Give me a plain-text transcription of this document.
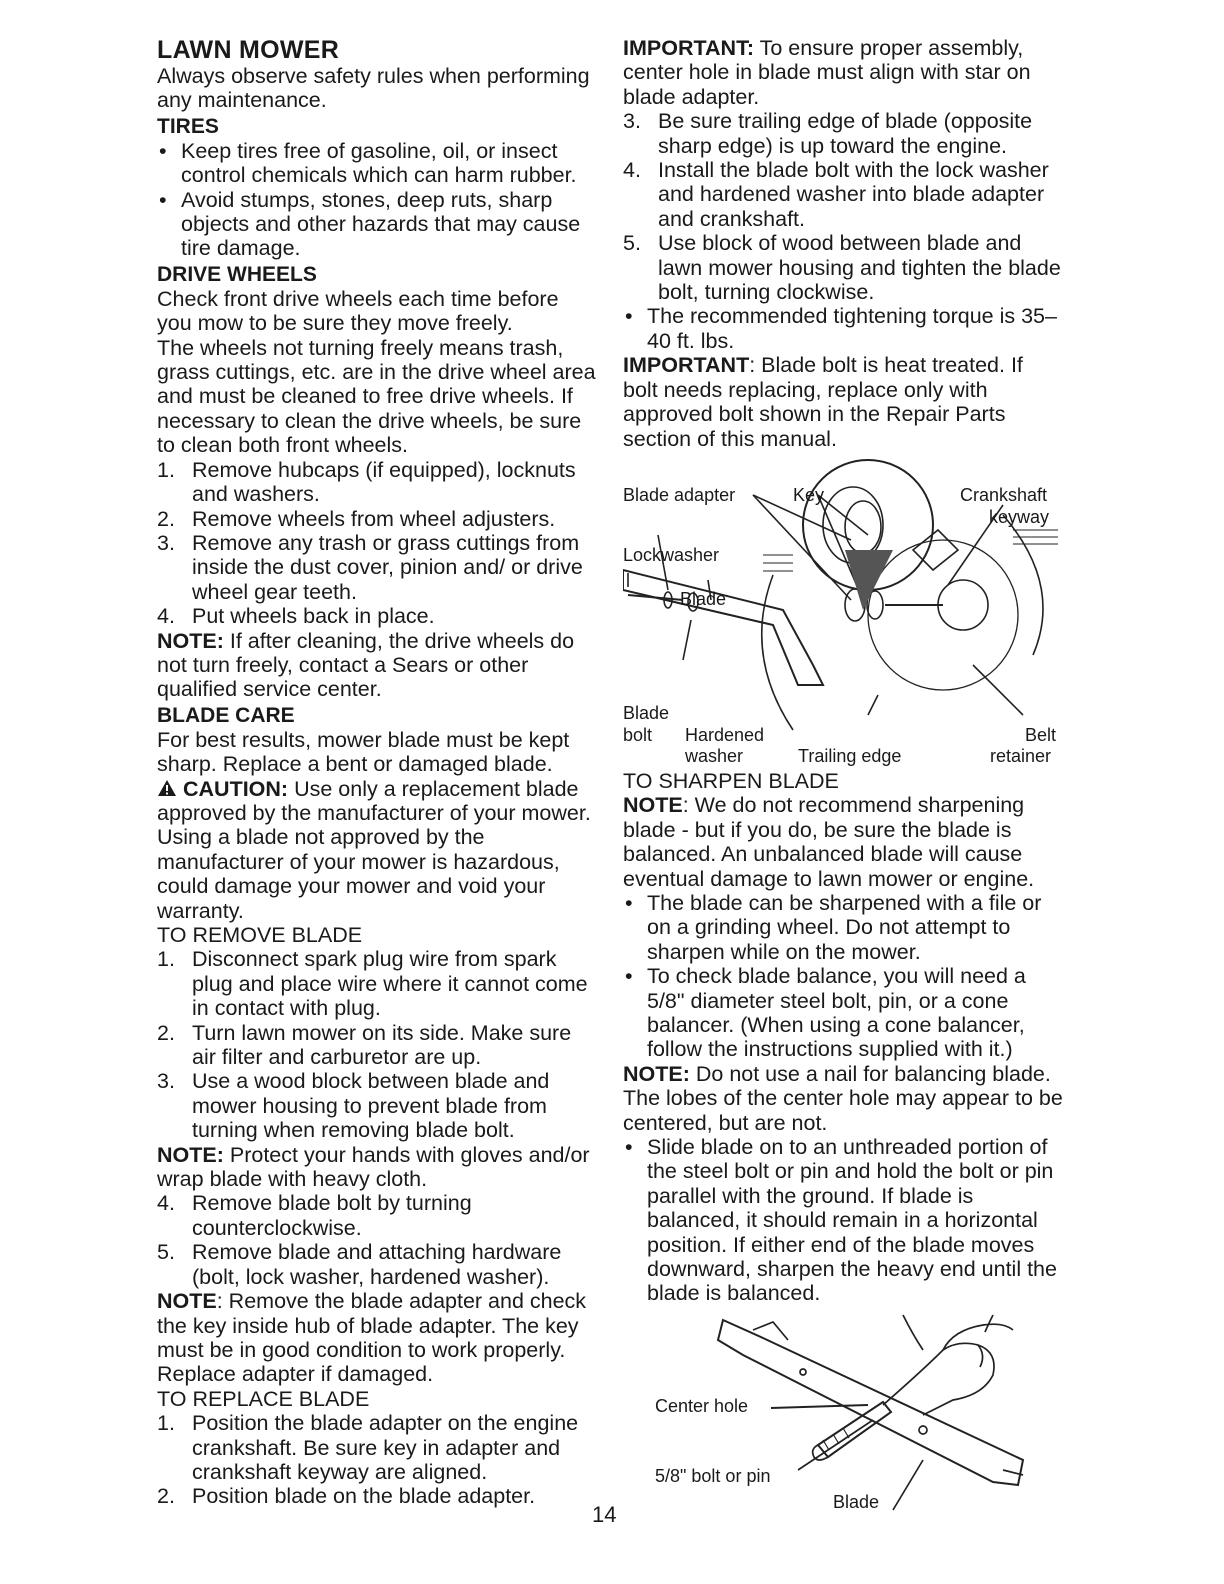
LAWN MOWER

Always observe safety rules when performing any maintenance.

TIRES
• Keep tires free of gasoline, oil, or insect control chemicals which can harm rubber.
• Avoid stumps, stones, deep ruts, sharp objects and other hazards that may cause tire damage.
DRIVE WHEELS

Check front drive wheels each time before you mow to be sure they move freely.

The wheels not turning freely means trash, grass cuttings, etc. are in the drive wheel area and must be cleaned to free drive wheels. If necessary to clean the drive wheels, be sure to clean both front wheels.

1. Remove hubcaps (if equipped), locknuts and washers.
2. Remove wheels from wheel adjusters.
3. Remove any trash or grass cuttings from inside the dust cover, pinion and/ or drive wheel gear teeth.
4. Put wheels back in place.

NOTE: If after cleaning, the drive wheels do not turn freely, contact a Sears or other qualified service center.

BLADE CARE

For best results, mower blade must be kept sharp. Replace a bent or damaged blade.

CAUTION: Use only a replacement blade approved by the manufacturer of your mower. Using a blade not approved by the manufacturer of your mower is hazardous, could damage your mower and void your warranty.

TO REMOVE BLADE
1. Disconnect spark plug wire from spark plug and place wire where it cannot come in contact with plug.
2. Turn lawn mower on its side. Make sure air filter and carburetor are up.
3. Use a wood block between blade and mower housing to prevent blade from turning when removing blade bolt.

NOTE: Protect your hands with gloves and/or wrap blade with heavy cloth.

4. Remove blade bolt by turning counterclockwise.
5. Remove blade and attaching hardware (bolt, lock washer, hardened washer).

NOTE: Remove the blade adapter and check the key inside hub of blade adapter. The key must be in good condition to work properly. Replace adapter if damaged.

TO REPLACE BLADE
1. Position the blade adapter on the engine crankshaft. Be sure key in adapter and crankshaft keyway are aligned.
2. Position blade on the blade adapter.

IMPORTANT: To ensure proper assembly, center hole in blade must align with star on blade adapter.

3. Be sure trailing edge of blade (opposite sharp edge) is up toward the engine.
4. Install the blade bolt with the lock washer and hardened washer into blade adapter and crankshaft.
5. Use block of wood between blade and lawn mower housing and tighten the blade bolt, turning clockwise.
• The recommended tightening torque is 35–40 ft. lbs.

IMPORTANT: Blade bolt is heat treated. If bolt needs replacing, replace only with approved bolt shown in the Repair Parts section of this manual.

Blade adapter	Key	Crankshaft
keyway
Lockwasher
Blade
Blade
bolt Hardened
washer	Trailing edge
Belt
retainer
TO SHARPEN BLADE

NOTE: We do not recommend sharpening blade - but if you do, be sure the blade is balanced. An unbalanced blade will cause eventual damage to lawn mower or engine.

• The blade can be sharpened with a file or on a grinding wheel. Do not attempt to sharpen while on the mower.
• To check blade balance, you will need a 5/8" diameter steel bolt, pin, or a cone balancer. (When using a cone balancer, follow the instructions supplied with it.)

NOTE: Do not use a nail for balancing blade. The lobes of the center hole may appear to be centered, but are not.

• Slide blade on to an unthreaded portion of the steel bolt or pin and hold the bolt or pin parallel with the ground. If blade is balanced, it should remain in a horizontal position. If either end of the blade moves downward, sharpen the heavy end until the blade is balanced.
Center hole
5/8" bolt or pin
Blade
14
